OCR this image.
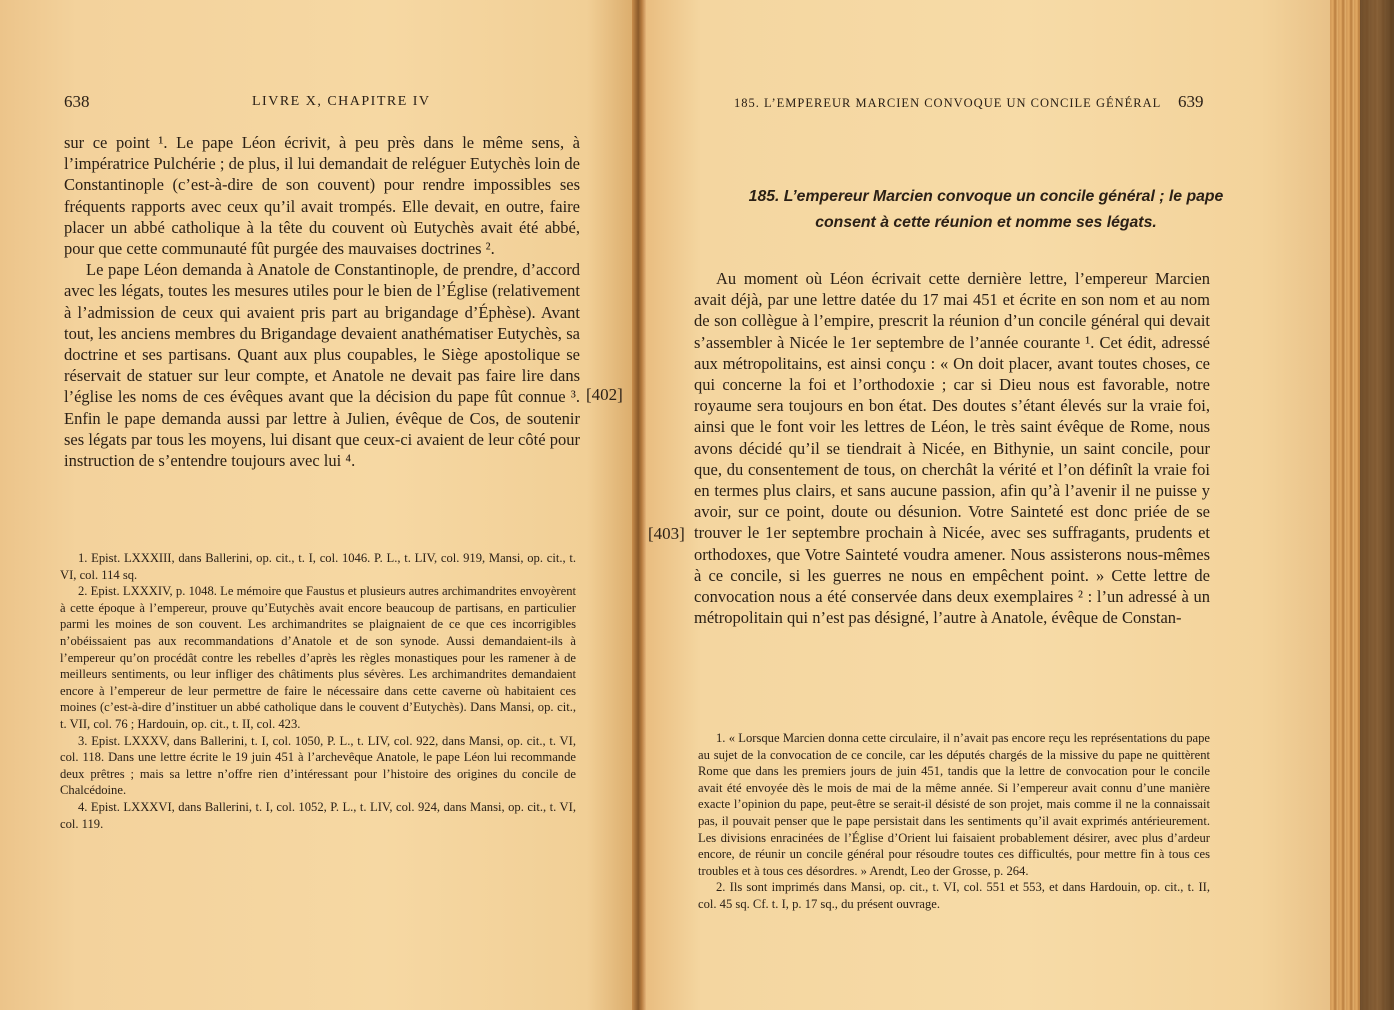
638	LIVRE X, CHAPITRE IV

sur ce point ¹. Le pape Léon écrivit, à peu près dans le même sens, à l’impératrice Pulchérie ; de plus, il lui demandait de reléguer Eutychès loin de Constantinople (c’est-à-dire de son couvent) pour rendre impossibles ses fréquents rapports avec ceux qu’il avait trompés. Elle devait, en outre, faire placer un abbé catholique à la tête du couvent où Eutychès avait été abbé, pour que cette communauté fût purgée des mauvaises doctrines ².

Le pape Léon demanda à Anatole de Constantinople, de prendre, d’accord avec les légats, toutes les mesures utiles pour le bien de l’Église (relativement à l’admission de ceux qui avaient pris part au brigandage d’Éphèse). Avant tout, les anciens membres du Brigandage devaient anathématiser Eutychès, sa doctrine et ses partisans. Quant aux plus coupables, le Siège apostolique se réservait de statuer sur leur compte, et Anatole ne devait pas faire lire dans l’église les noms de ces évêques avant que la décision du pape fût connue ³. Enfin le pape demanda aussi par lettre à Julien, évêque de Cos, de soutenir ses légats par tous les moyens, lui disant que ceux-ci avaient de leur côté pour instruction de s’entendre toujours avec lui ⁴.

1. Epist. LXXXIII, dans Ballerini, op. cit., t. I, col. 1046. P. L., t. LIV, col. 919, Mansi, op. cit., t. VI, col. 114 sq.

2. Epist. LXXXIV, p. 1048. Le mémoire que Faustus et plusieurs autres archimandrites envoyèrent à cette époque à l’empereur, prouve qu’Eutychès avait encore beaucoup de partisans, en particulier parmi les moines de son couvent. Les archimandrites se plaignaient de ce que ces incorrigibles n’obéissaient pas aux recommandations d’Anatole et de son synode. Aussi demandaient-ils à l’empereur qu’on procédât contre les rebelles d’après les règles monastiques pour les ramener à de meilleurs sentiments, ou leur infliger des châtiments plus sévères. Les archimandrites demandaient encore à l’empereur de leur permettre de faire le nécessaire dans cette caverne où habitaient ces moines (c’est-à-dire d’instituer un abbé catholique dans le couvent d’Eutychès). Dans Mansi, op. cit., t. VII, col. 76 ; Hardouin, op. cit., t. II, col. 423.

3. Epist. LXXXV, dans Ballerini, t. I, col. 1050, P. L., t. LIV, col. 922, dans Mansi, op. cit., t. VI, col. 118. Dans une lettre écrite le 19 juin 451 à l’archevêque Anatole, le pape Léon lui recommande deux prêtres ; mais sa lettre n’offre rien d’intéressant pour l’histoire des origines du concile de Chalcédoine.

4. Epist. LXXXVI, dans Ballerini, t. I, col. 1052, P. L., t. LIV, col. 924, dans Mansi, op. cit., t. VI, col. 119.

[402]
185. L’EMPEREUR MARCIEN CONVOQUE UN CONCILE GÉNÉRAL 639
185. L’empereur Marcien convoque un concile général ; le pape
consent à cette réunion et nomme ses légats.

Au moment où Léon écrivait cette dernière lettre, l’empereur Marcien avait déjà, par une lettre datée du 17 mai 451 et écrite en son nom et au nom de son collègue à l’empire, prescrit la réunion d’un concile général qui devait s’assembler à Nicée le 1er septembre de l’année courante ¹. Cet édit, adressé aux métropolitains, est ainsi conçu : « On doit placer, avant toutes choses, ce qui concerne la foi et l’orthodoxie ; car si Dieu nous est favorable, notre royaume sera toujours en bon état. Des doutes s’étant élevés sur la vraie foi, ainsi que le font voir les lettres de Léon, le très saint évêque de Rome, nous avons décidé qu’il se tiendrait à Nicée, en Bithynie, un saint concile, pour que, du consentement de tous, on cherchât la vérité et l’on définît la vraie foi en termes plus clairs, et sans aucune passion, afin qu’à l’avenir il ne puisse y avoir, sur ce point, doute ou désunion. Votre Sainteté est donc priée de se trouver le 1er septembre prochain à Nicée, avec ses suffragants, prudents et orthodoxes, que Votre Sainteté voudra amener. Nous assisterons nous-mêmes à ce concile, si les guerres ne nous en empêchent point. » Cette lettre de convocation nous a été conservée dans deux exemplaires ² : l’un adressé à un métropolitain qui n’est pas désigné, l’autre à Anatole, évêque de Constan-

1. « Lorsque Marcien donna cette circulaire, il n’avait pas encore reçu les représentations du pape au sujet de la convocation de ce concile, car les députés chargés de la missive du pape ne quittèrent Rome que dans les premiers jours de juin 451, tandis que la lettre de convocation pour le concile avait été envoyée dès le mois de mai de la même année. Si l’empereur avait connu d’une manière exacte l’opinion du pape, peut-être se serait-il désisté de son projet, mais comme il ne la connaissait pas, il pouvait penser que le pape persistait dans les sentiments qu’il avait exprimés antérieurement. Les divisions enracinées de l’Église d’Orient lui faisaient probablement désirer, avec plus d’ardeur encore, de réunir un concile général pour résoudre toutes ces difficultés, pour mettre fin à tous ces troubles et à tous ces désordres. » Arendt, Leo der Grosse, p. 264.

2. Ils sont imprimés dans Mansi, op. cit., t. VI, col. 551 et 553, et dans Hardouin, op. cit., t. II, col. 45 sq. Cf. t. I, p. 17 sq., du présent ouvrage.

[403]
